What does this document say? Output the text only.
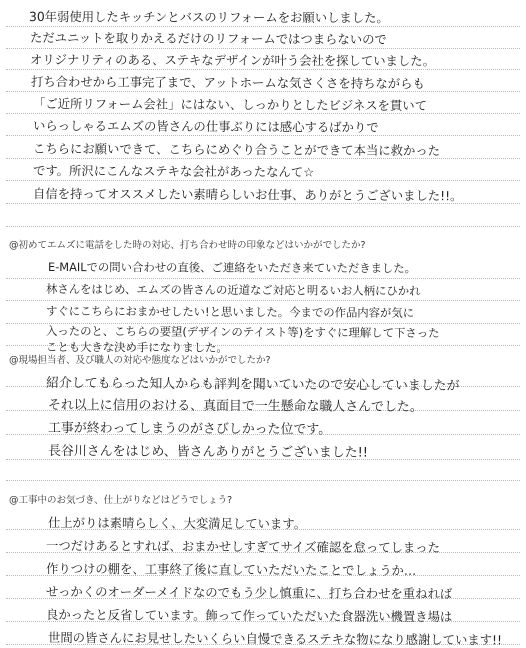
30年弱使用したキッチンとバスのリフォームをお願いしました。
ただユニットを取りかえるだけのリフォームではつまらないので
オリジナリティのある、ステキなデザインが叶う会社を探していました。
打ち合わせから工事完了まで、アットホームな気さくさを持ちながらも
「ご近所リフォーム会社」にはない、しっかりとしたビジネスを貫いて
いらっしゃるエムズの皆さんの仕事ぶりには感心するばかりで
こちらにお願いできて、こちらにめぐり合うことができて本当に救かった
です。所沢にこんなステキな会社があったなんて☆
自信を持ってオススメしたい素晴らしいお仕事、ありがとうございました!!。
@初めてエムズに電話をした時の対応、打ち合わせ時の印象などはいかがでしたか?
E-MAILでの問い合わせの直後、ご連絡をいただき来ていただきました。
林さんをはじめ、エムズの皆さんの近道なご対応と明るいお人柄にひかれ
すぐにこちらにおまかせしたい!と思いました。今までの作品内容が気に
入ったのと、こちらの要望(デザインのテイスト等)をすぐに理解して下さった
ことも大きな決め手になりました。
@現場担当者、及び職人の対応や態度などはいかがでしたか?
紹介してもらった知人からも評判を聞いていたので安心していましたが
それ以上に信用のおける、真面目で一生懸命な職人さんでした。
工事が終わってしまうのがさびしかった位です。
長谷川さんをはじめ、皆さんありがとうございました!!
@工事中のお気づき、仕上がりなどはどうでしょう?
仕上がりは素晴らしく、大変満足しています。
一つだけあるとすれば、おまかせしすぎてサイズ確認を怠ってしまった
作りつけの棚を、工事終了後に直していただいたことでしょうか…
せっかくのオーダーメイドなのでもう少し慎重に、打ち合わせを重ねれば
良かったと反省しています。飾って作っていただいた食器洗い機置き場は
世間の皆さんにお見せしたいくらい自慢できるステキな物になり感謝しています!!
